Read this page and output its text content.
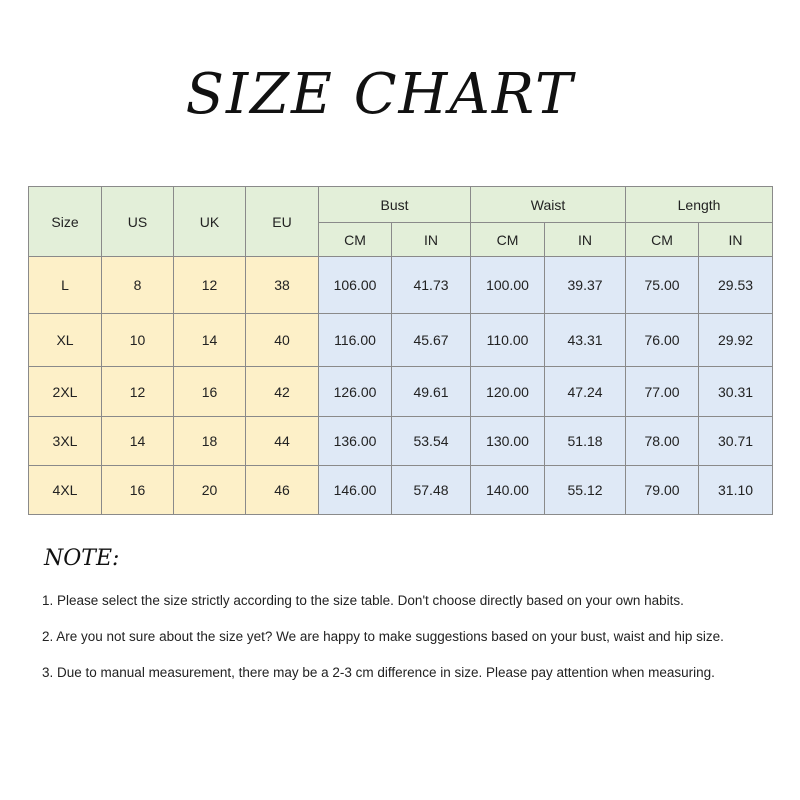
SIZE CHART
Size	US	UK	EU	Bust		Waist		Length	
				CM	IN	CM	IN	CM	IN
L	8	12	38	106.00	41.73	100.00	39.37	75.00	29.53
XL	10	14	40	116.00	45.67	110.00	43.31	76.00	29.92
2XL	12	16	42	126.00	49.61	120.00	47.24	77.00	30.31
3XL	14	18	44	136.00	53.54	130.00	51.18	78.00	30.71
4XL	16	20	46	146.00	57.48	140.00	55.12	79.00	31.10
NOTE:
1. Please select the size strictly according to the size table. Don't choose directly based on your own habits.
2. Are you not sure about the size yet? We are happy to make suggestions based on your bust, waist and hip size.
3. Due to manual measurement, there may be a 2-3 cm difference in size. Please pay attention when measuring.
